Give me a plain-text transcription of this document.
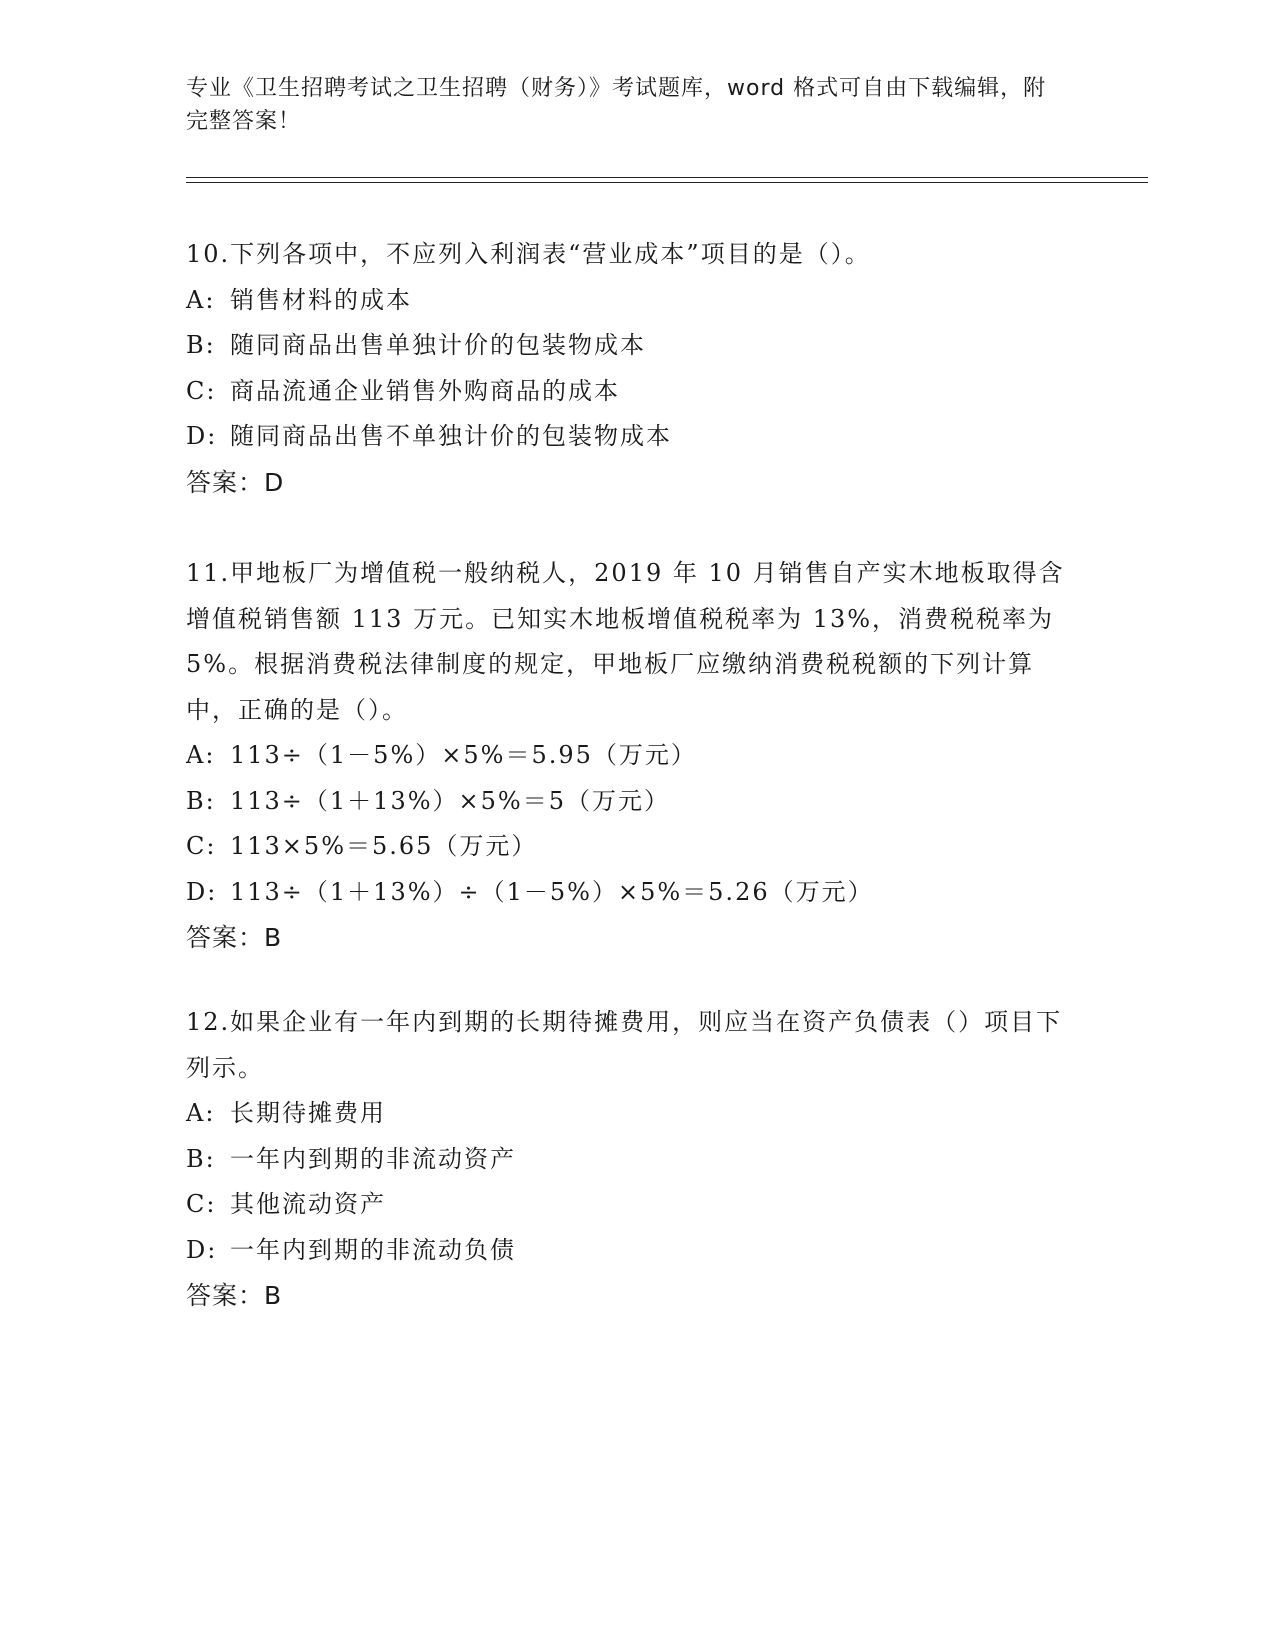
专业《卫生招聘考试之卫生招聘（财务）》考试题库，word 格式可自由下载编辑，附完整答案！

10.下列各项中，不应列入利润表“营业成本”项目的是（）。

A: 销售材料的成本

B: 随同商品出售单独计价的包装物成本

C: 商品流通企业销售外购商品的成本

D: 随同商品出售不单独计价的包装物成本

答案：D

11.甲地板厂为增值税一般纳税人，2019 年 10 月销售自产实木地板取得含增值税销售额 113 万元。已知实木地板增值税税率为 13%，消费税税率为 5%。根据消费税法律制度的规定，甲地板厂应缴纳消费税税额的下列计算中，正确的是（）。

A: 113÷（1－5%）×5%＝5.95（万元）

B: 113÷（1＋13%）×5%＝5（万元）

C: 113×5%＝5.65（万元）

D: 113÷（1＋13%）÷（1－5%）×5%＝5.26（万元）

答案：B

12.如果企业有一年内到期的长期待摊费用，则应当在资产负债表（）项目下列示。

A: 长期待摊费用

B: 一年内到期的非流动资产

C: 其他流动资产

D: 一年内到期的非流动负债

答案：B
